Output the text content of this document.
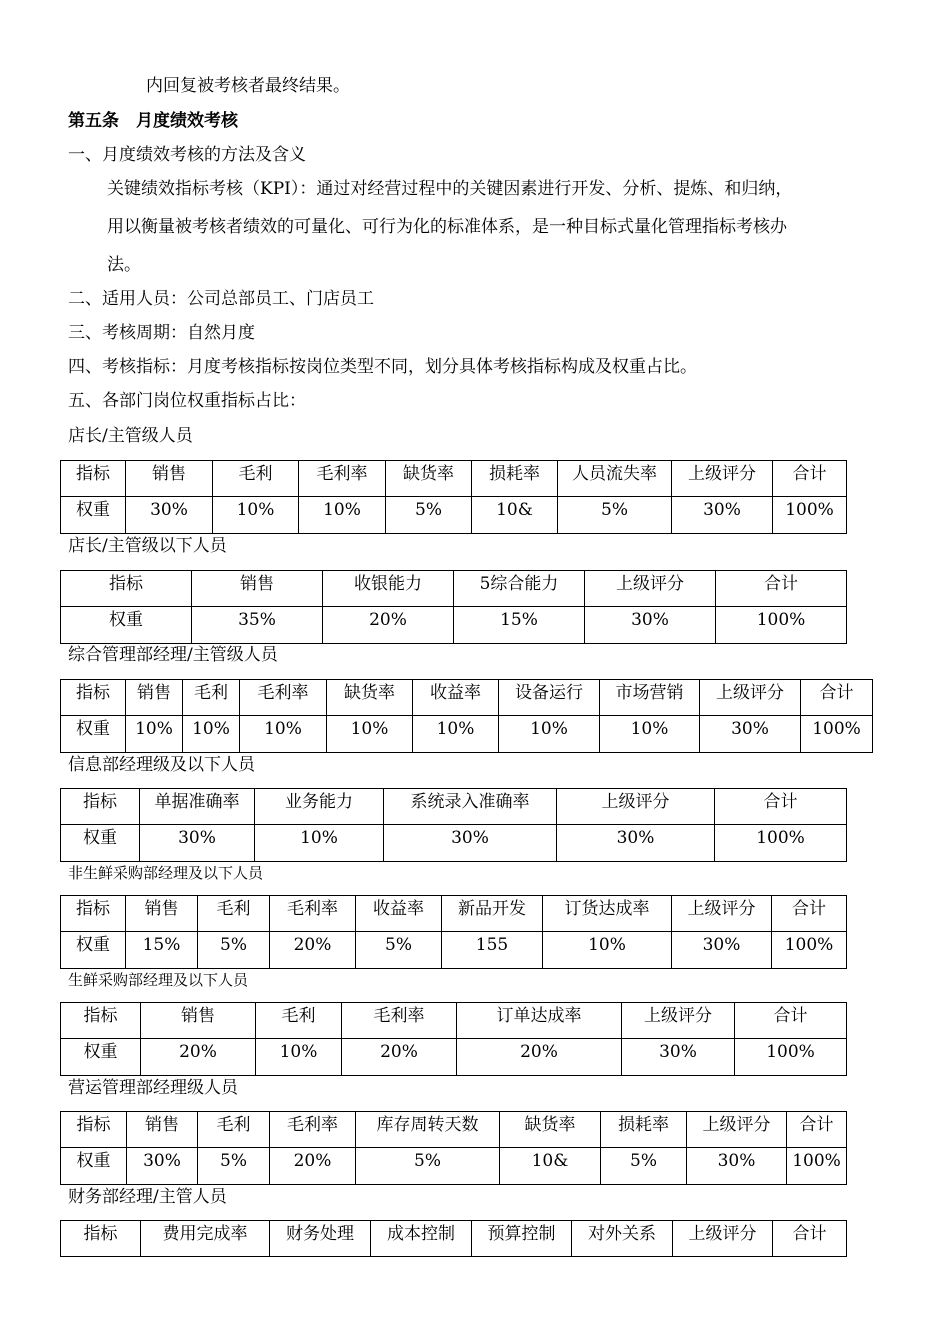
内回复被考核者最终结果。
第五条　月度绩效考核
一、月度绩效考核的方法及含义
关键绩效指标考核（KPI）：通过对经营过程中的关键因素进行开发、分析、提炼、和归纳，
用以衡量被考核者绩效的可量化、可行为化的标准体系，是一种目标式量化管理指标考核办
法。
二、适用人员：公司总部员工、门店员工
三、考核周期：自然月度
四、考核指标：月度考核指标按岗位类型不同，划分具体考核指标构成及权重占比。
五、各部门岗位权重指标占比：
店长/主管级人员
指标	销售	毛利	毛利率	缺货率	损耗率	人员流失率	上级评分	合计
权重	30%	10%	10%	5%	10&	5%	30%	100%
店长/主管级以下人员
指标	销售	收银能力	5综合能力	上级评分	合计
权重	35%	20%	15%	30%	100%
综合管理部经理/主管级人员
指标	销售	毛利	毛利率	缺货率	收益率	设备运行	市场营销	上级评分	合计
权重	10%	10%	10%	10%	10%	10%	10%	30%	100%
信息部经理级及以下人员
指标	单据准确率	业务能力	系统录入准确率	上级评分	合计
权重	30%	10%	30%	30%	100%
非生鲜采购部经理及以下人员
指标	销售	毛利	毛利率	收益率	新品开发	订货达成率	上级评分	合计
权重	15%	5%	20%	5%	155	10%	30%	100%
生鲜采购部经理及以下人员
指标	销售	毛利	毛利率	订单达成率	上级评分	合计
权重	20%	10%	20%	20%	30%	100%
营运管理部经理级人员
指标	销售	毛利	毛利率	库存周转天数	缺货率	损耗率	上级评分	合计
权重	30%	5%	20%	5%	10&	5%	30%	100%
财务部经理/主管人员
指标	费用完成率	财务处理	成本控制	预算控制	对外关系	上级评分	合计
